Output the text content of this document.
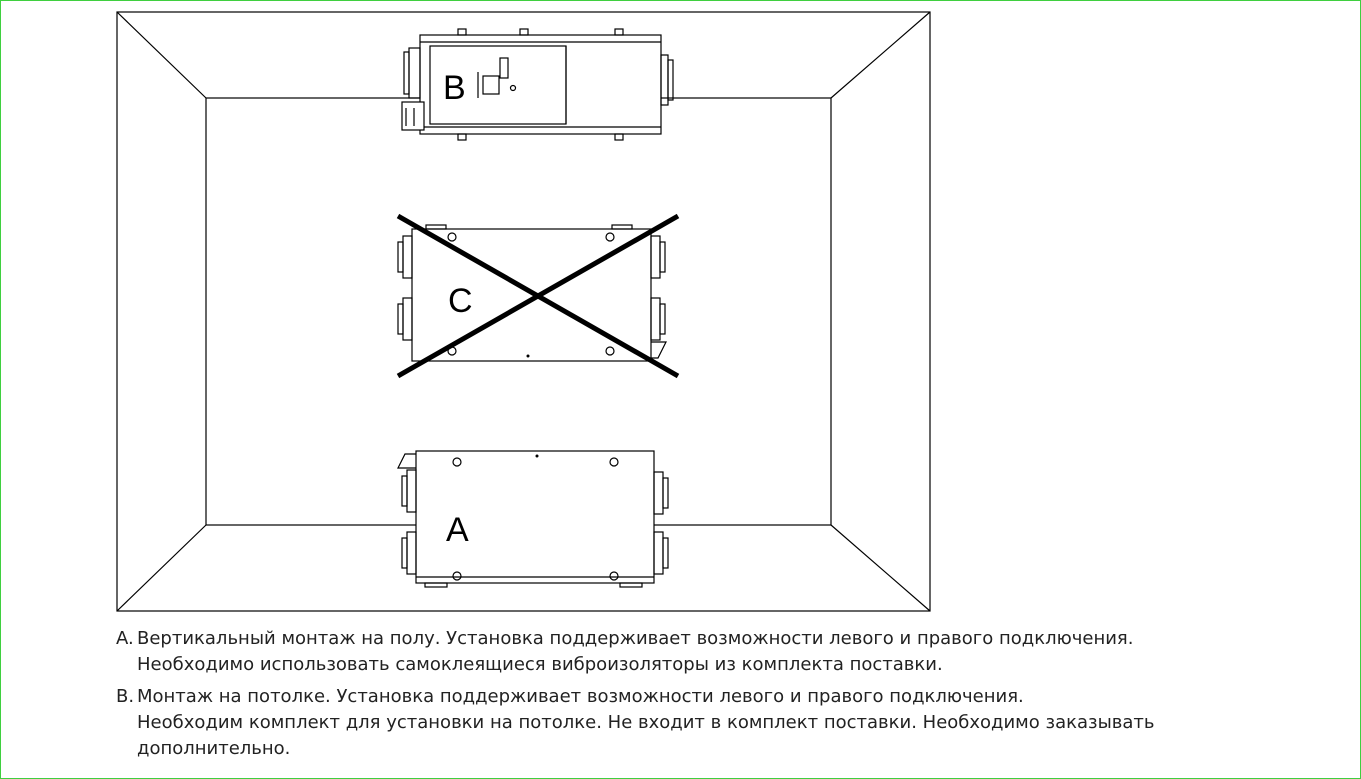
B
C
A
A. Вертикальный монтаж на полу. Установка поддерживает возможности левого и правого подключения.

Необходимо использовать самоклеящиеся виброизоляторы из комплекта поставки.

B. Монтаж на потолке. Установка поддерживает возможности левого и правого подключения.

Необходим комплект для установки на потолке. Не входит в комплект поставки. Необходимо заказывать

дополнительно.
